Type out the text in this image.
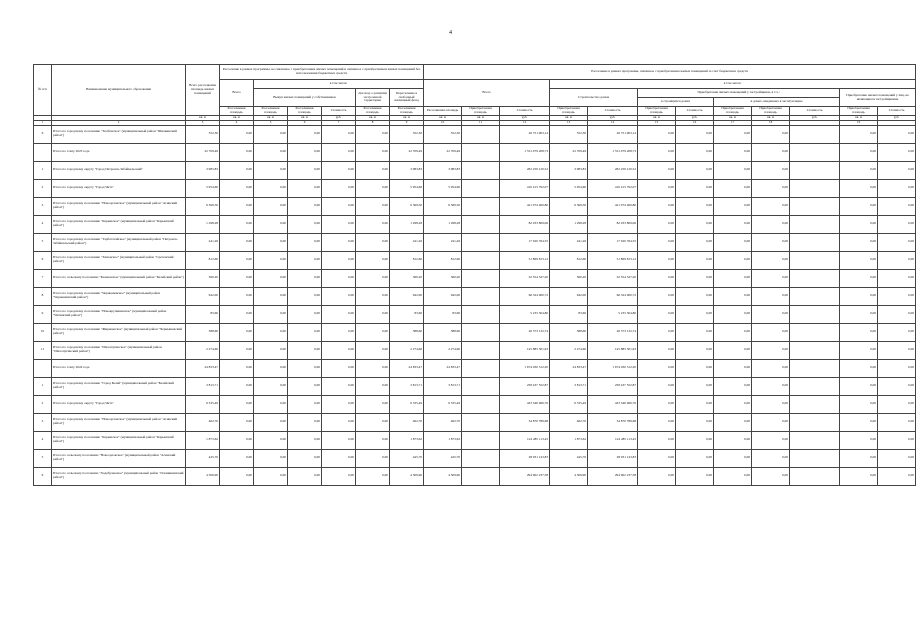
4
№ п/п	Наименование муниципального образования	Всего расселяемая площадь жилых помещений	Расселение в рамках программы, не связанное с приобретением жилых помещений и связанное с приобретением жилых помещений без использования бюджетных средств						Расселение в рамках программы, связанное с приобретением жилых помещений за счет бюджетных средств											
			Всего	в том числе:					Всего			в том числе:								
				Выкуп жилых помещений у собственников			Договор о развитии застроенной территории	Переселение в свободный жилищный фонд				Строительство домов		Приобретение жилых помещений у застройщиков, в т.ч.:					Приобретение жилых помещений у лиц, не являющихся застройщиками	
														в строящихся домах		в домах, введенных в эксплуатацию				
			Расселяемая площадь	Расселяемая площадь	Расселяемая площадь	Стоимость	Расселяемая площадь	Расселяемая площадь	Расселяемая площадь	Приобретаемая площадь	Стоимость	Приобретаемая площадь	Стоимость	Приобретаемая площадь	Стоимость	Приобретаемая площадь	Приобретаемая площадь	Стоимость	Приобретаемая площадь	Стоимость
		кв. м	кв. м	кв. м	кв. м	руб.	кв. м	кв. м	кв. м	кв. м	руб.	кв. м	руб.	кв. м	руб.	кв. м	кв. м	руб.	кв. м	руб.
1	2	3	4	5	6	7	8	9	10	11	12	13	14	15	16	17	18		19	
6	Итого по городскому поселению "Холбонское" (муниципальный район "Шилкинский район")	352,30	0,00	0,00	0,00	0,00	0,00	352,30	352,30		26 751 903,14	352,30	26 751 903,14	0,00	0,00	0,00	0,00		0,00	0,00
	Итого по этапу 2023 года	22 709,49	0,00	0,00	0,00	0,00	0,00	22 709,49	22 709,49		1 531 079 208,73	22 709,49	1 531 079 208,73	0,00	0,00	0,00	0,00		0,00	0,00
1	Итого по городскому округу "Город Петровск-Забайкальский"	3 983,83	0,00	0,00	0,00	0,00	0,00	3 983,83	3 983,83		262 259 120,52	3 983,83	262 259 120,52	0,00	0,00	0,00	0,00		0,00	0,00
2	Итого по городскому округу "Город Чита"	5 954,60	0,00	0,00	0,00	0,00	0,00	5 954,60	5 954,60		410 413 792,07	5 954,60	410 413 792,07	0,00	0,00	0,00	0,00		0,00	0,00
3	Итого по городскому поселению "Новоорловское" (муниципальный район "Агинский район")	6 369,50	0,00	0,00	0,00	0,00	0,00	6 369,50	6 369,50		421 074 460,80	6 369,50	421 074 460,80	0,00	0,00	0,00	0,00		0,00	0,00
4	Итого по городскому поселению "Карымское" (муниципальный район "Карымский район")	1 298,28	0,00	0,00	0,00	0,00	0,00	1 298,28	1 298,28		82 033 809,06	1 298,28	82 033 809,06	0,00	0,00	0,00	0,00		0,00	0,00
5	Итого по городскому поселению "Тарбагатайское" (муниципальный район "Петровск-Забайкальский район")	241,26	0,00	0,00	0,00	0,00	0,00	241,26	241,26		17 020 764,55	241,26	17 020 764,55	0,00	0,00	0,00	0,00		0,00	0,00
6	Итого по городскому поселению "Хилокское" (муниципальный район "Сретенский район")	812,60	0,00	0,00	0,00	0,00	0,00	812,60	812,60		51 869 813,12	812,60	51 869 813,12	0,00	0,00	0,00	0,00		0,00	0,00
7	Итого по сельскому поселению "Казаковское" (муниципальный район "Балейский район")	360,20	0,00	0,00	0,00	0,00	0,00	360,20	360,20		22 554 547,20	360,20	22 554 547,20	0,00	0,00	0,00	0,00		0,00	0,00
8	Итого по городскому поселению "Чернышевское" (муниципальный район "Чернышевский район")	942,00	0,00	0,00	0,00	0,00	0,00	942,00	942,00		66 324 000,72	942,00	66 324 000,72	0,00	0,00	0,00	0,00		0,00	0,00
9	Итого по городскому поселению "Новокручининское" (муниципальный район "Читинский район")	83,60	0,00	0,00	0,00	0,00	0,00	83,60	83,60		5 233 304,80	83,60	5 233 304,80	0,00	0,00	0,00	0,00		0,00	0,00
10	Итого по городскому поселению "Жирекенское" (муниципальный район "Чернышевский район")	388,60	0,00	0,00	0,00	0,00	0,00	388,60	388,60		26 373 132,74	388,60	26 373 132,74	0,00	0,00	0,00	0,00		0,00	0,00
11	Итого по городскому поселению "Шелопугинское" (муниципальный район "Шелопугинский район")	2 274,60	0,00	0,00	0,00	0,00	0,00	2 274,60	2 274,60		145 883 501,93	2 274,60	145 883 501,93	0,00	0,00	0,00	0,00		0,00	0,00
	Итого по этапу 2024 года	24 833,47	0,00	0,00	0,00	0,00	0,00	24 833,47	24 833,47		1 674 030 312,20	24 833,47	1 674 030 312,20	0,00	0,00	0,00	0,00		0,00	0,00
1	Итого по городскому поселению "Город Балей" (муниципальный район "Балейский район")	3 813,71	0,00	0,00	0,00	0,00	0,00	3 813,71	3 813,71		258 437 552,87	3 813,71	258 437 552,87	0,00	0,00	0,00	0,00		0,00	0,00
2	Итого по городскому округу "Город Чита"	6 335,49	0,00	0,00	0,00	0,00	0,00	6 335,49	6 335,49		433 346 066,76	6 335,49	433 346 066,76	0,00	0,00	0,00	0,00		0,00	0,00
3	Итого по городскому поселению "Новоорловское" (муниципальный район "Агинский район")	462,70	0,00	0,00	0,00	0,00	0,00	462,70	462,70		34 870 789,68	462,70	34 870 789,68	0,00	0,00	0,00	0,00		0,00	0,00
4	Итого по городскому поселению "Карымское" (муниципальный район "Карымский район")	1 873,62	0,00	0,00	0,00	0,00	0,00	1 873,62	1 873,62		124 485 113,45	1 873,62	124 485 113,45	0,00	0,00	0,00	0,00		0,00	0,00
5	Итого по сельскому поселению "Новоорловское" (муниципальный район "Агинский район")	445,70	0,00	0,00	0,00	0,00	0,00	445,70	445,70		28 931 143,83	445,70	28 931 143,83	0,00	0,00	0,00	0,00		0,00	0,00
6	Итого по сельскому поселению "Хадабулакское" (муниципальный район "Оловяннинский район")	4 509,90	0,00	0,00	0,00	0,00	0,00	4 509,90	4 509,90		294 902 237,58	4 509,90	294 902 237,58	0,00	0,00	0,00	0,00		0,00	0,00
